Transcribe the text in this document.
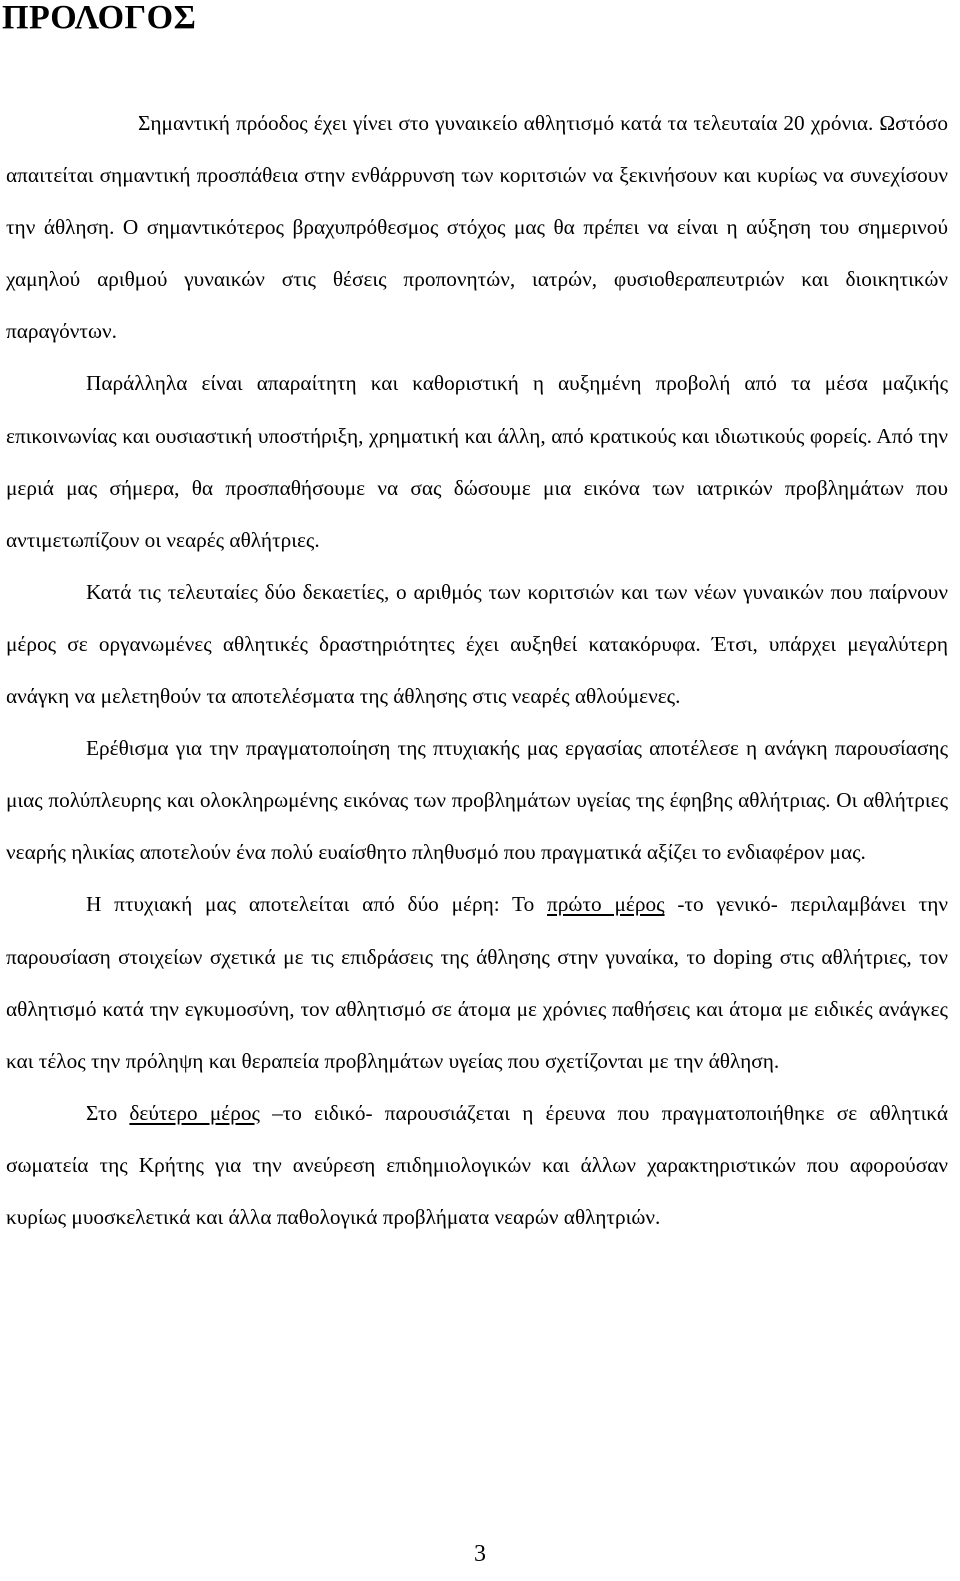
ΠΡΟΛΟΓΟΣ

Σημαντική πρόοδος έχει γίνει στο γυναικείο αθλητισμό κατά τα τελευταία 20 χρόνια. Ωστόσο απαιτείται σημαντική προσπάθεια στην ενθάρρυνση των κοριτσιών να ξεκινήσουν και κυρίως να συνεχίσουν την άθληση. Ο σημαντικότερος βραχυπρόθεσμος στόχος μας θα πρέπει να είναι η αύξηση του σημερινού χαμηλού αριθμού γυναικών στις θέσεις προπονητών, ιατρών, φυσιοθεραπευτριών και διοικητικών παραγόντων.

Παράλληλα είναι απαραίτητη και καθοριστική η αυξημένη προβολή από τα μέσα μαζικής επικοινωνίας και ουσιαστική υποστήριξη, χρηματική και άλλη, από κρατικούς και ιδιωτικούς φορείς. Από την μεριά μας σήμερα, θα προσπαθήσουμε να σας δώσουμε μια εικόνα των ιατρικών προβλημάτων που αντιμετωπίζουν οι νεαρές αθλήτριες.

Κατά τις τελευταίες δύο δεκαετίες, ο αριθμός των κοριτσιών και των νέων γυναικών που παίρνουν μέρος σε οργανωμένες αθλητικές δραστηριότητες έχει αυξηθεί κατακόρυφα. Έτσι, υπάρχει μεγαλύτερη ανάγκη να μελετηθούν τα αποτελέσματα της άθλησης στις νεαρές αθλούμενες.

Ερέθισμα για την πραγματοποίηση της πτυχιακής μας εργασίας αποτέλεσε η ανάγκη παρουσίασης μιας πολύπλευρης και ολοκληρωμένης εικόνας των προβλημάτων υγείας της έφηβης αθλήτριας. Οι αθλήτριες νεαρής ηλικίας αποτελούν ένα πολύ ευαίσθητο πληθυσμό που πραγματικά αξίζει το ενδιαφέρον μας.

Η πτυχιακή μας αποτελείται από δύο μέρη: Το πρώτο μέρος -το γενικό- περιλαμβάνει την παρουσίαση στοιχείων σχετικά με τις επιδράσεις της άθλησης στην γυναίκα, το doping στις αθλήτριες, τον αθλητισμό κατά την εγκυμοσύνη, τον αθλητισμό σε άτομα με χρόνιες παθήσεις και άτομα με ειδικές ανάγκες και τέλος την πρόληψη και θεραπεία προβλημάτων υγείας που σχετίζονται με την άθληση.

Στο δεύτερο μέρος –το ειδικό- παρουσιάζεται η έρευνα που πραγματοποιήθηκε σε αθλητικά σωματεία της Κρήτης για την ανεύρεση επιδημιολογικών και άλλων χαρακτηριστικών που αφορούσαν κυρίως μυοσκελετικά και άλλα παθολογικά προβλήματα νεαρών αθλητριών.

3
